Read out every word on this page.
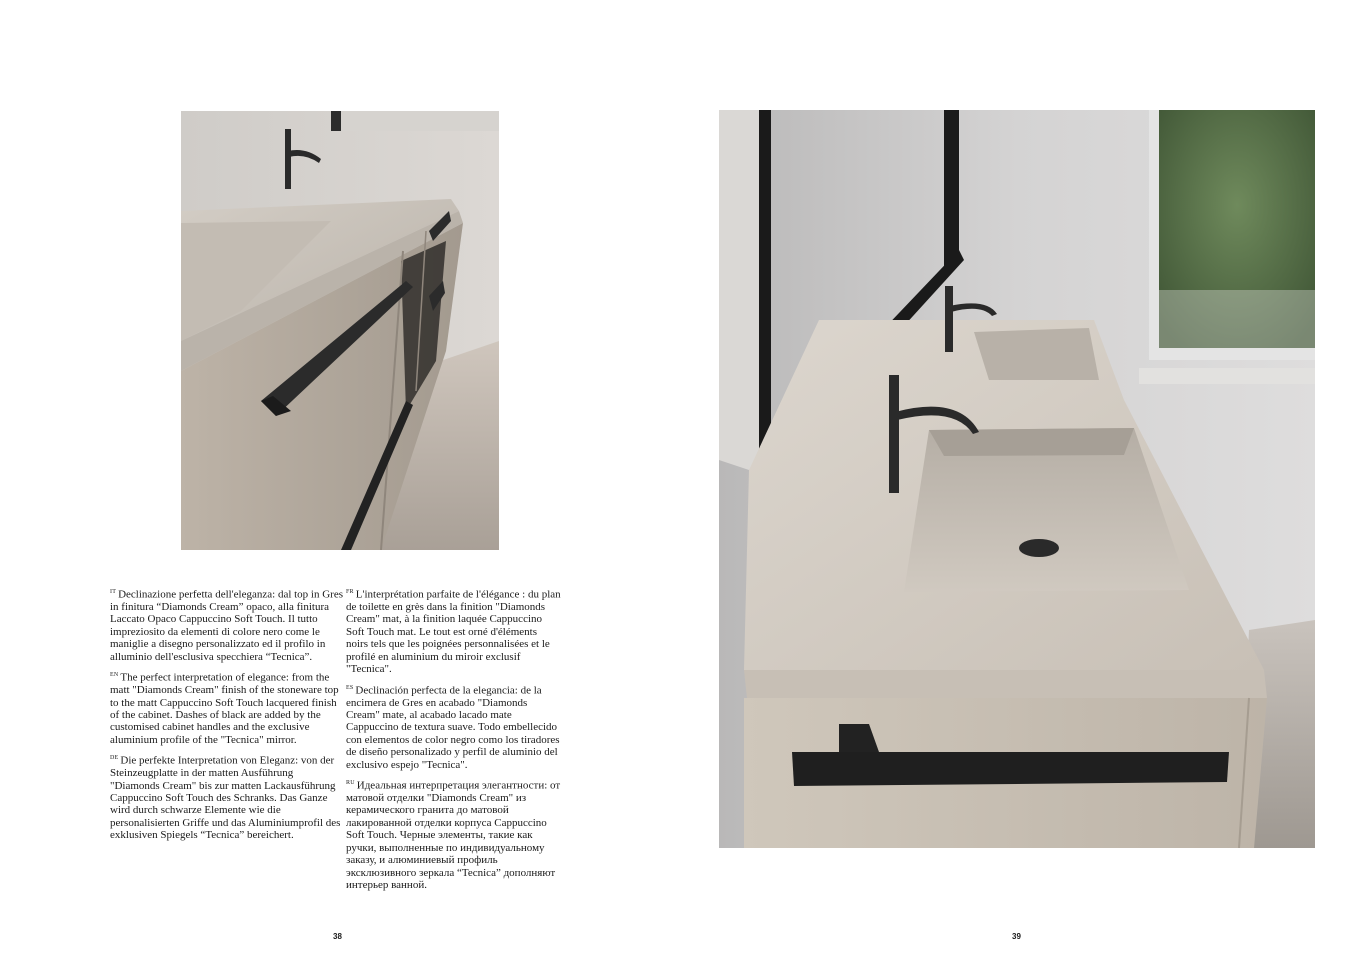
$^{IT}$ Declinazione perfetta dell'eleganza: dal top in Gres in finitura “Diamonds Cream” opaco, alla finitura Laccato Opaco Cappuccino Soft Touch. Il tutto impreziosito da elementi di colore nero come le maniglie a disegno personalizzato ed il profilo in alluminio dell'esclusiva specchiera “Tecnica”.

$^{EN}$ The perfect interpretation of elegance: from the matt "Diamonds Cream" finish of the stoneware top to the matt Cappuccino Soft Touch lacquered finish of the cabinet. Dashes of black are added by the customised cabinet handles and the exclusive aluminium profile of the "Tecnica" mirror.

$^{DE}$ Die perfekte Interpretation von Eleganz: von der Steinzeugplatte in der matten Ausführung "Diamonds Cream" bis zur matten Lackausführung Cappuccino Soft Touch des Schranks. Das Ganze wird durch schwarze Elemente wie die personalisierten Griffe und das Aluminiumprofil des exklusiven Spiegels “Tecnica” bereichert.

$^{FR}$ L'interprétation parfaite de l'élégance : du plan de toilette en grès dans la finition "Diamonds Cream" mat, à la finition laquée Cappuccino Soft Touch mat. Le tout est orné d'éléments noirs tels que les poignées personnalisées et le profilé en aluminium du miroir exclusif "Tecnica".

$^{ES}$ Declinación perfecta de la elegancia: de la encimera de Gres en acabado "Diamonds Cream" mate, al acabado lacado mate Cappuccino de textura suave. Todo embellecido con elementos de color negro como los tiradores de diseño personalizado y perfil de aluminio del exclusivo espejo "Tecnica".

$^{RU}$ Идеальная интерпретация элегантности: от матовой отделки "Diamonds Cream" из керамического гранита до матовой лакированной отделки корпуса Cappuccino Soft Touch. Черные элементы, такие как ручки, выполненные по индивидуальному заказу, и алюминиевый профиль эксклюзивного зеркала “Tecnica” дополняют интерьер ванной.

38	39
